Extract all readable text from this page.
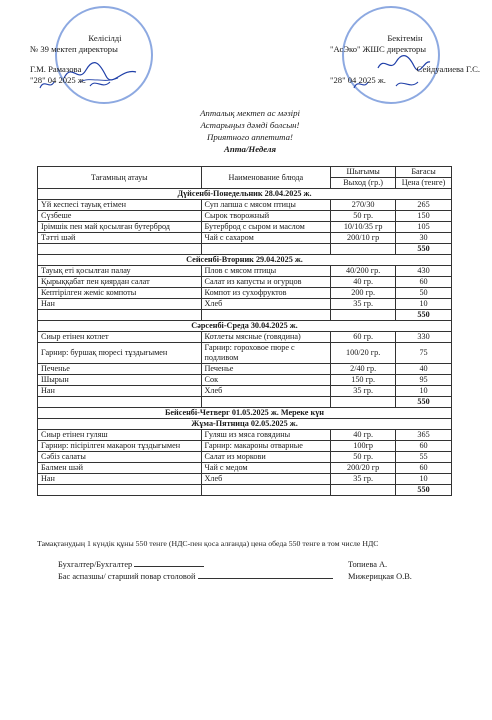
Келісілді
№ 39 мектеп директоры
Г.М. Рамазова
"28" 04 2025 ж.
Бекітемін
"АсЭко" ЖШС директоры
Сейдуалиева Г.С.
"28" 04 2025 ж.
Апталық мектеп ас мәзірі
Астарыңыз дәмді болсын!
Приятного аппетита!
Апта/Неделя
Тағамның атауы	Наименование блюда	Шығымы	Бағасы
		Выход (гр.)	Цена (тенге)
Дүйсенбі-Понедельник 28.04.2025 ж.			
Үй кеспесі тауық етімен	Суп лапша с мясом птицы	270/30	265
Сүзбеше	Сырок творожный	50 гр.	150
Ірімшік пен май қосылған бутерброд	Бутерброд с сыром и маслом	10/10/35 гр	105
Тәтті шәй	Чай с сахаром	200/10 гр	30
			550
Сейсенбі-Вторник 29.04.2025 ж.			
Тауық еті қосылған палау	Плов с мясом птицы	40/200 гр.	430
Қырыққабат пен қиярдан салат	Салат из капусты и огурцов	40 гр.	60
Кептірілген жеміс компоты	Компот из сухофруктов	200 гр.	50
Нан	Хлеб	35 гр.	10
			550
Сәрсенбі-Среда 30.04.2025 ж.			
Сиыр етінен котлет	Котлеты мясные (говядина)	60 гр.	330
Гарнир: буршақ пюресі тұздығымен	Гарнир: гороховое пюре с подливом	100/20 гр.	75
Печенье	Печенье	2/40 гр.	40
Шырын	Сок	150 гр.	95
Нан	Хлеб	35 гр.	10
			550
Бейсенбі-Четверг 01.05.2025 ж. Мереке күн			
Жұма-Пятница 02.05.2025 ж.			
Сиыр етінен гуляш	Гуляш из мяса говядины	40 гр.	365
Гарнир: пісірілген макарон тұздығымен	Гарнир: макароны отварные	100гр	60
Сәбіз салаты	Салат из моркови	50 гр.	55
Балмен шәй	Чай с медом	200/20 гр	60
Нан	Хлеб	35 гр.	10
			550
Тамақтанудың 1 күндік құны 550 тенге (НДС-пен қоса алғанда) цена обеда 550 тенге в том числе НДС
Бухгалтер/Бухгалтер	Топиева А.
Бас аспазшы/ старший повар столовой	Мижерицкая О.В.
